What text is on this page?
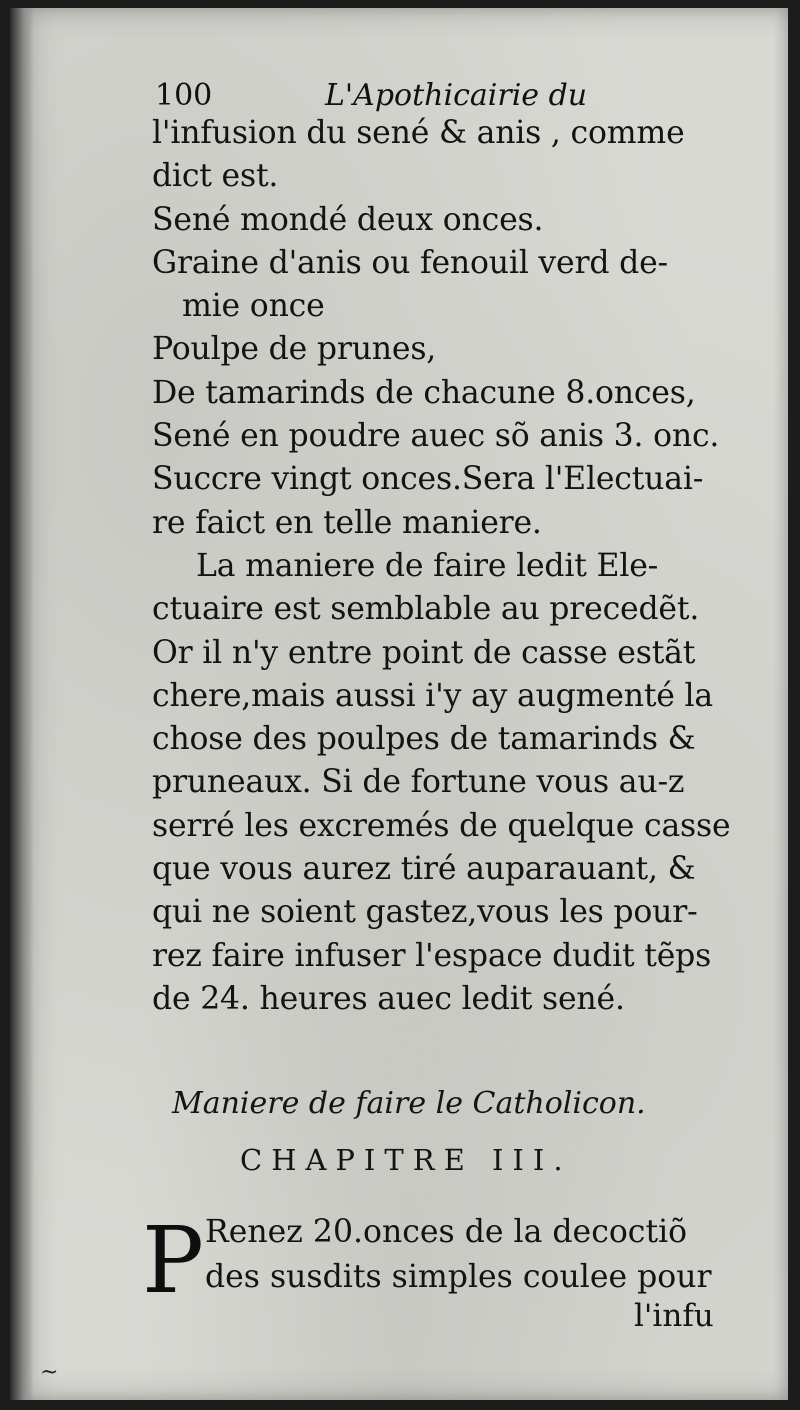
100	L'Apothicairie du
l'infusion du sené & anis , comme
dict est.
Sené mondé deux onces.
Graine d'anis ou fenouil verd de-
mie once
Poulpe de prunes,
De tamarinds de chacune 8.onces,
Sené en poudre auec sõ anis 3. onc.
Succre vingt onces.Sera l'Electuai-
re faict en telle maniere.
La maniere de faire ledit Ele-
ctuaire est semblable au precedẽt.
Or il n'y entre point de casse estãt
chere,mais aussi i'y ay augmenté la
chose des poulpes de tamarinds &
pruneaux. Si de fortune vous au-z
serré les excremés de quelque casse
que vous aurez tiré auparauant, &
qui ne soient gastez,vous les pour-
rez faire infuser l'espace dudit tẽps
de 24. heures auec ledit sené.
Maniere de faire le Catholicon.
CHAPITRE III.
P Renez 20.onces de la decoctiõ
des susdits simples coulee pour
l'infu
~
